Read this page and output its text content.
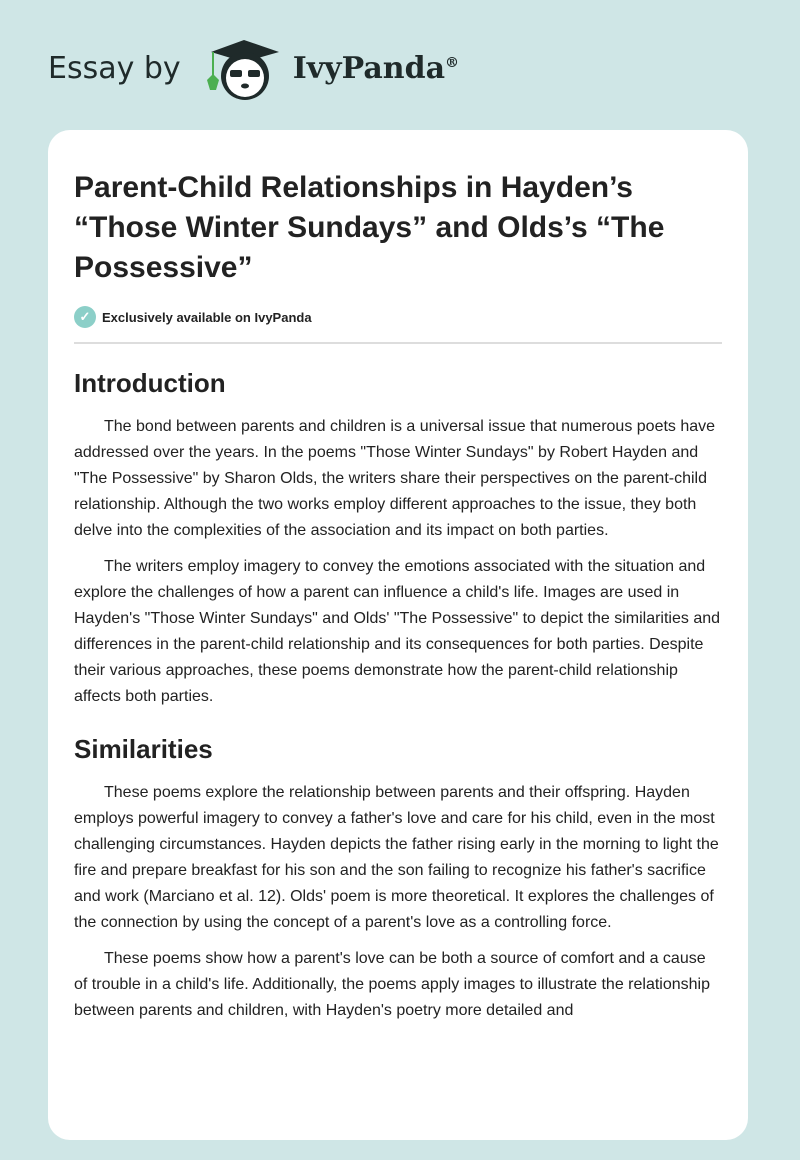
Essay by	IvyPanda®
Parent-Child Relationships in Hayden’s “Those Winter Sundays” and Olds’s “The Possessive”
✓ Exclusively available on IvyPanda
Introduction

The bond between parents and children is a universal issue that numerous poets have addressed over the years. In the poems "Those Winter Sundays" by Robert Hayden and "The Possessive" by Sharon Olds, the writers share their perspectives on the parent-child relationship. Although the two works employ different approaches to the issue, they both delve into the complexities of the association and its impact on both parties.

The writers employ imagery to convey the emotions associated with the situation and explore the challenges of how a parent can influence a child's life. Images are used in Hayden's "Those Winter Sundays" and Olds' "The Possessive" to depict the similarities and differences in the parent-child relationship and its consequences for both parties. Despite their various approaches, these poems demonstrate how the parent-child relationship affects both parties.

Similarities

These poems explore the relationship between parents and their offspring. Hayden employs powerful imagery to convey a father's love and care for his child, even in the most challenging circumstances. Hayden depicts the father rising early in the morning to light the fire and prepare breakfast for his son and the son failing to recognize his father's sacrifice and work (Marciano et al. 12). Olds' poem is more theoretical. It explores the challenges of the connection by using the concept of a parent's love as a controlling force.

These poems show how a parent's love can be both a source of comfort and a cause of trouble in a child's life. Additionally, the poems apply images to illustrate the relationship between parents and children, with Hayden's poetry more detailed and
